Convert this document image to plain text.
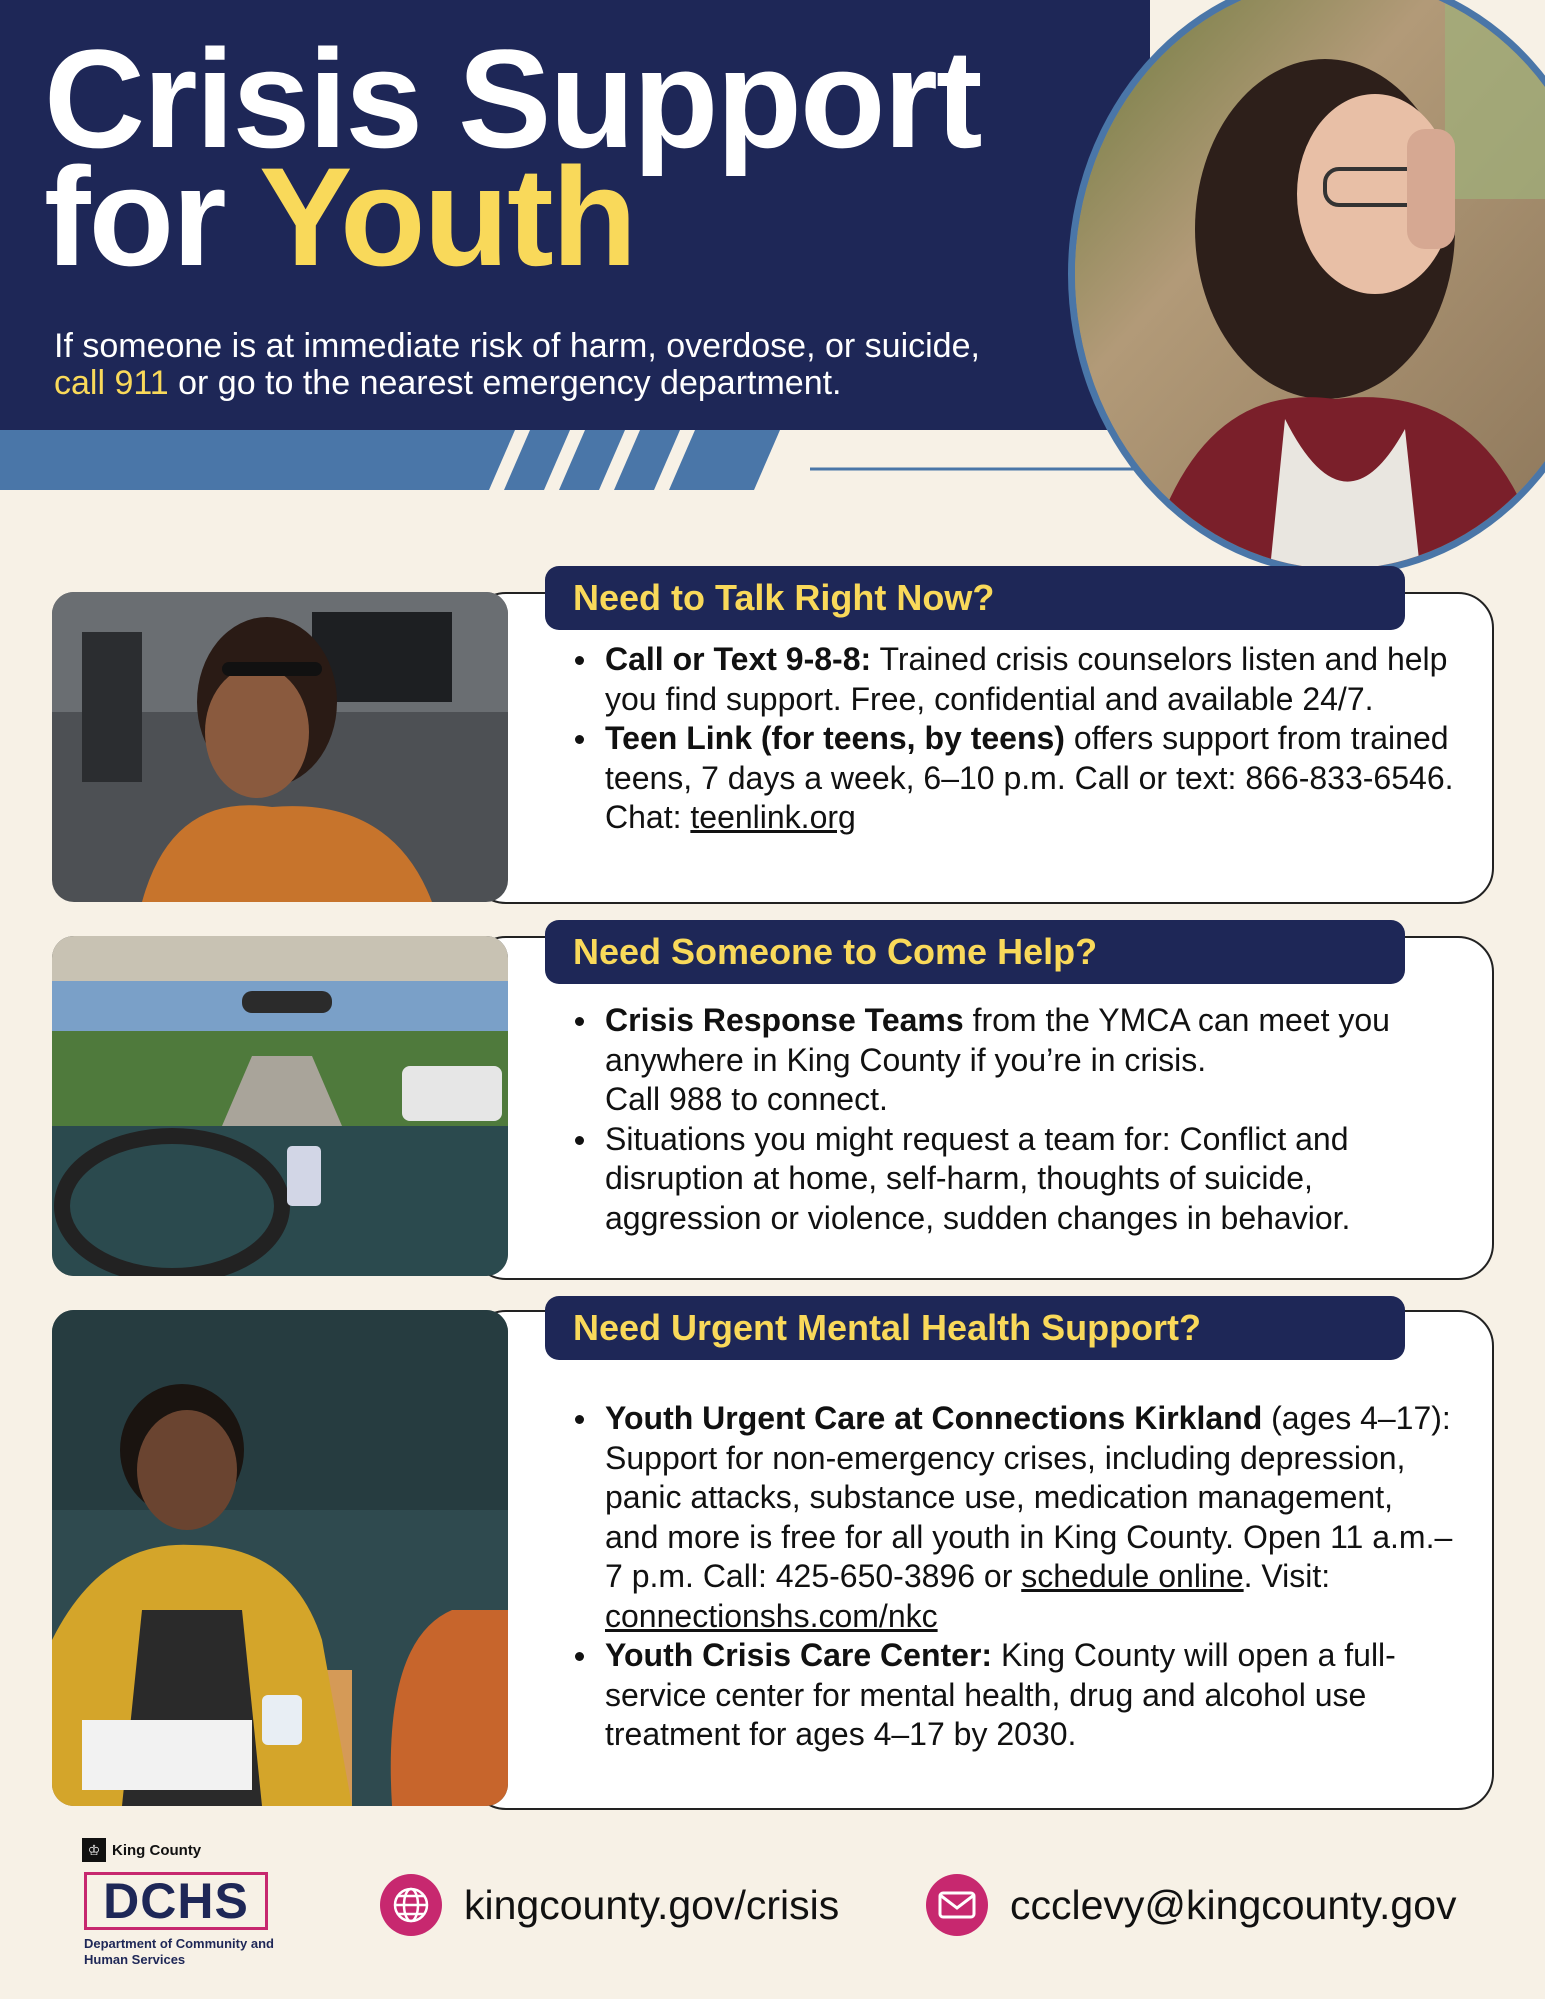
Crisis Support
for Youth
If someone is at immediate risk of harm, overdose, or suicide,
call 911 or go to the nearest emergency department.
Need to Talk Right Now?
Call or Text 9-8-8: Trained crisis counselors listen and help you find support. Free, confidential and available 24/7.
Teen Link (for teens, by teens) offers support from trained teens, 7 days a week, 6–10 p.m. Call or text: 866-833-6546. Chat: teenlink.org
Need Someone to Come Help?
Crisis Response Teams from the YMCA can meet you anywhere in King County if you’re in crisis.
Call 988 to connect.
Situations you might request a team for: Conflict and disruption at home, self-harm, thoughts of suicide, aggression or violence, sudden changes in behavior.
Need Urgent Mental Health Support?
Youth Urgent Care at Connections Kirkland (ages 4–17): Support for non-emergency crises, including depression, panic attacks, substance use, medication management, and more is free for all youth in King County. Open 11 a.m.–7 p.m. Call: 425-650-3896 or schedule online. Visit: connectionshs.com/nkc
Youth Crisis Care Center: King County will open a full-service center for mental health, drug and alcohol use treatment for ages 4–17 by 2030.
♔ King County
DCHS
Department of Community and Human Services
kingcounty.gov/crisis	ccclevy@kingcounty.gov
